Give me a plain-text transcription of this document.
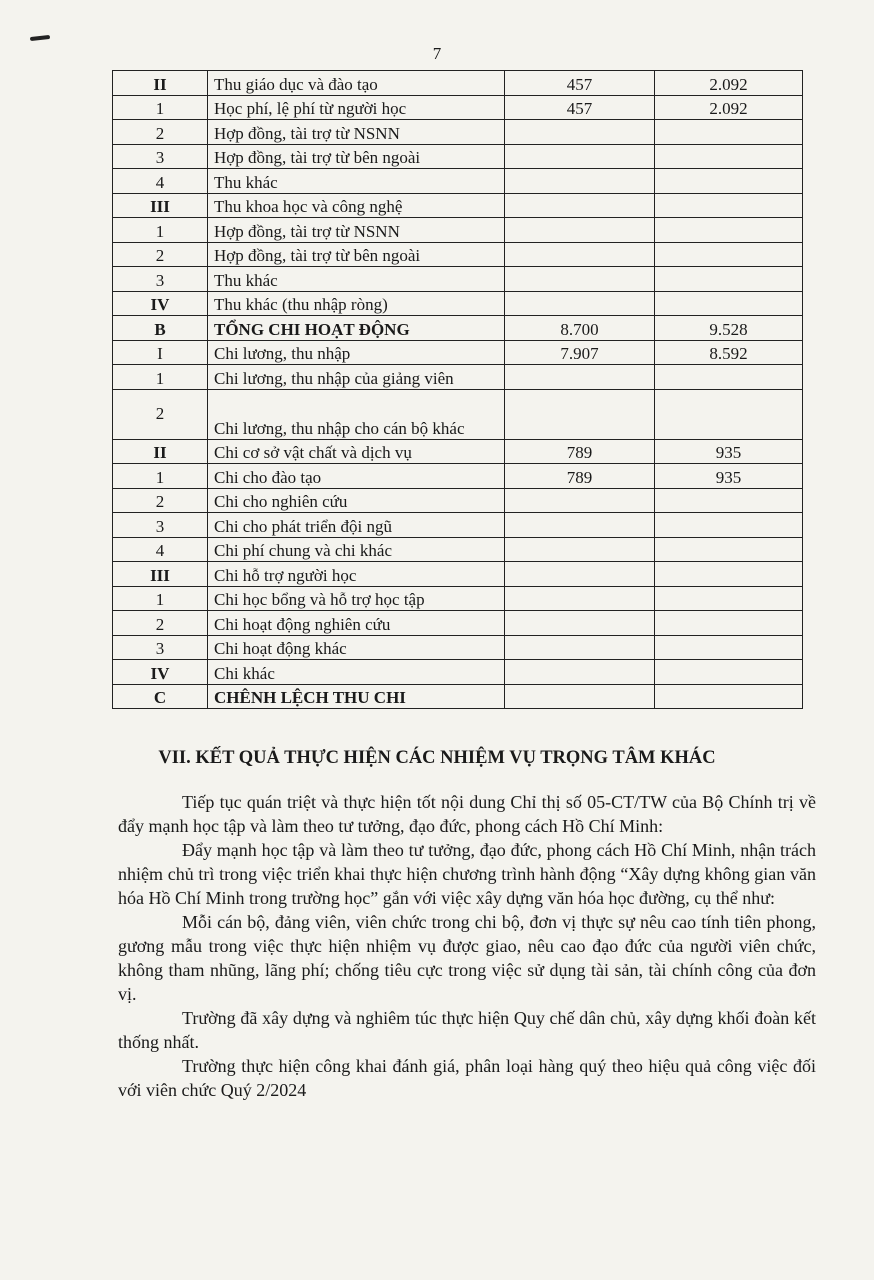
7
II	Thu giáo dục và đào tạo	457	2.092
1	Học phí, lệ phí từ người học	457	2.092
2	Hợp đồng, tài trợ từ NSNN		
3	Hợp đồng, tài trợ từ bên ngoài		
4	Thu khác		
III	Thu khoa học và công nghệ		
1	Hợp đồng, tài trợ từ NSNN		
2	Hợp đồng, tài trợ từ bên ngoài		
3	Thu khác		
IV	Thu khác (thu nhập ròng)		
B	TỔNG CHI HOẠT ĐỘNG	8.700	9.528
I	Chi lương, thu nhập	7.907	8.592
1	Chi lương, thu nhập của giảng viên		
2	Chi lương, thu nhập cho cán bộ khác		
II	Chi cơ sở vật chất và dịch vụ	789	935
1	Chi cho đào tạo	789	935
2	Chi cho nghiên cứu		
3	Chi cho phát triển đội ngũ		
4	Chi phí chung và chi khác		
III	Chi hỗ trợ người học		
1	Chi học bổng và hỗ trợ học tập		
2	Chi hoạt động nghiên cứu		
3	Chi hoạt động khác		
IV	Chi khác		
C	CHÊNH LỆCH THU CHI		
VII. KẾT QUẢ THỰC HIỆN CÁC NHIỆM VỤ TRỌNG TÂM KHÁC

Tiếp tục quán triệt và thực hiện tốt nội dung Chỉ thị số 05-CT/TW của Bộ Chính trị về đẩy mạnh học tập và làm theo tư tưởng, đạo đức, phong cách Hồ Chí Minh:

Đẩy mạnh học tập và làm theo tư tưởng, đạo đức, phong cách Hồ Chí Minh, nhận trách nhiệm chủ trì trong việc triển khai thực hiện chương trình hành động “Xây dựng không gian văn hóa Hồ Chí Minh trong trường học” gắn với việc xây dựng văn hóa học đường, cụ thể như:

Mỗi cán bộ, đảng viên, viên chức trong chi bộ, đơn vị thực sự nêu cao tính tiên phong, gương mẫu trong việc thực hiện nhiệm vụ được giao, nêu cao đạo đức của người viên chức, không tham nhũng, lãng phí; chống tiêu cực trong việc sử dụng tài sản, tài chính công của đơn vị.

Trường đã xây dựng và nghiêm túc thực hiện Quy chế dân chủ, xây dựng khối đoàn kết thống nhất.

Trường thực hiện công khai đánh giá, phân loại hàng quý theo hiệu quả công việc đối với viên chức Quý 2/2024
